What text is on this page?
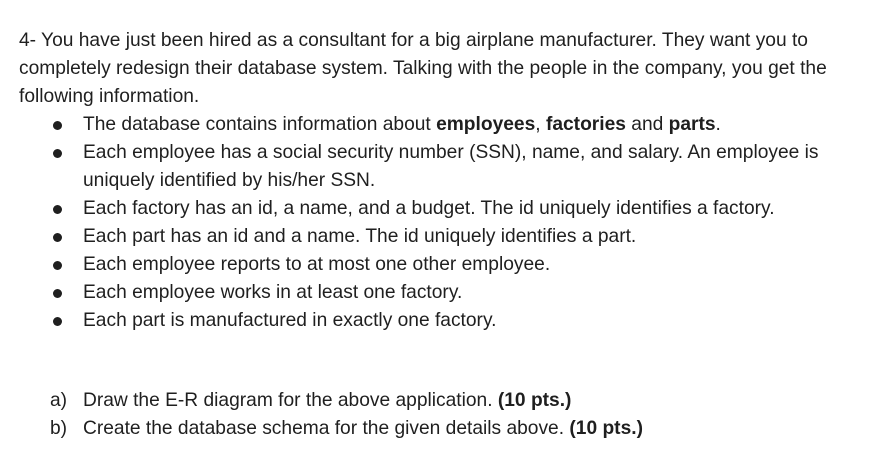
4- You have just been hired as a consultant for a big airplane manufacturer. They want you to completely redesign their database system. Talking with the people in the company, you get the following information.

The database contains information about employees, factories and parts.
Each employee has a social security number (SSN), name, and salary. An employee is uniquely identified by his/her SSN.
Each factory has an id, a name, and a budget. The id uniquely identifies a factory.
Each part has an id and a name. The id uniquely identifies a part.
Each employee reports to at most one other employee.
Each employee works in at least one factory.
Each part is manufactured in exactly one factory.
a) Draw the E-R diagram for the above application. (10 pts.)
b) Create the database schema for the given details above. (10 pts.)
